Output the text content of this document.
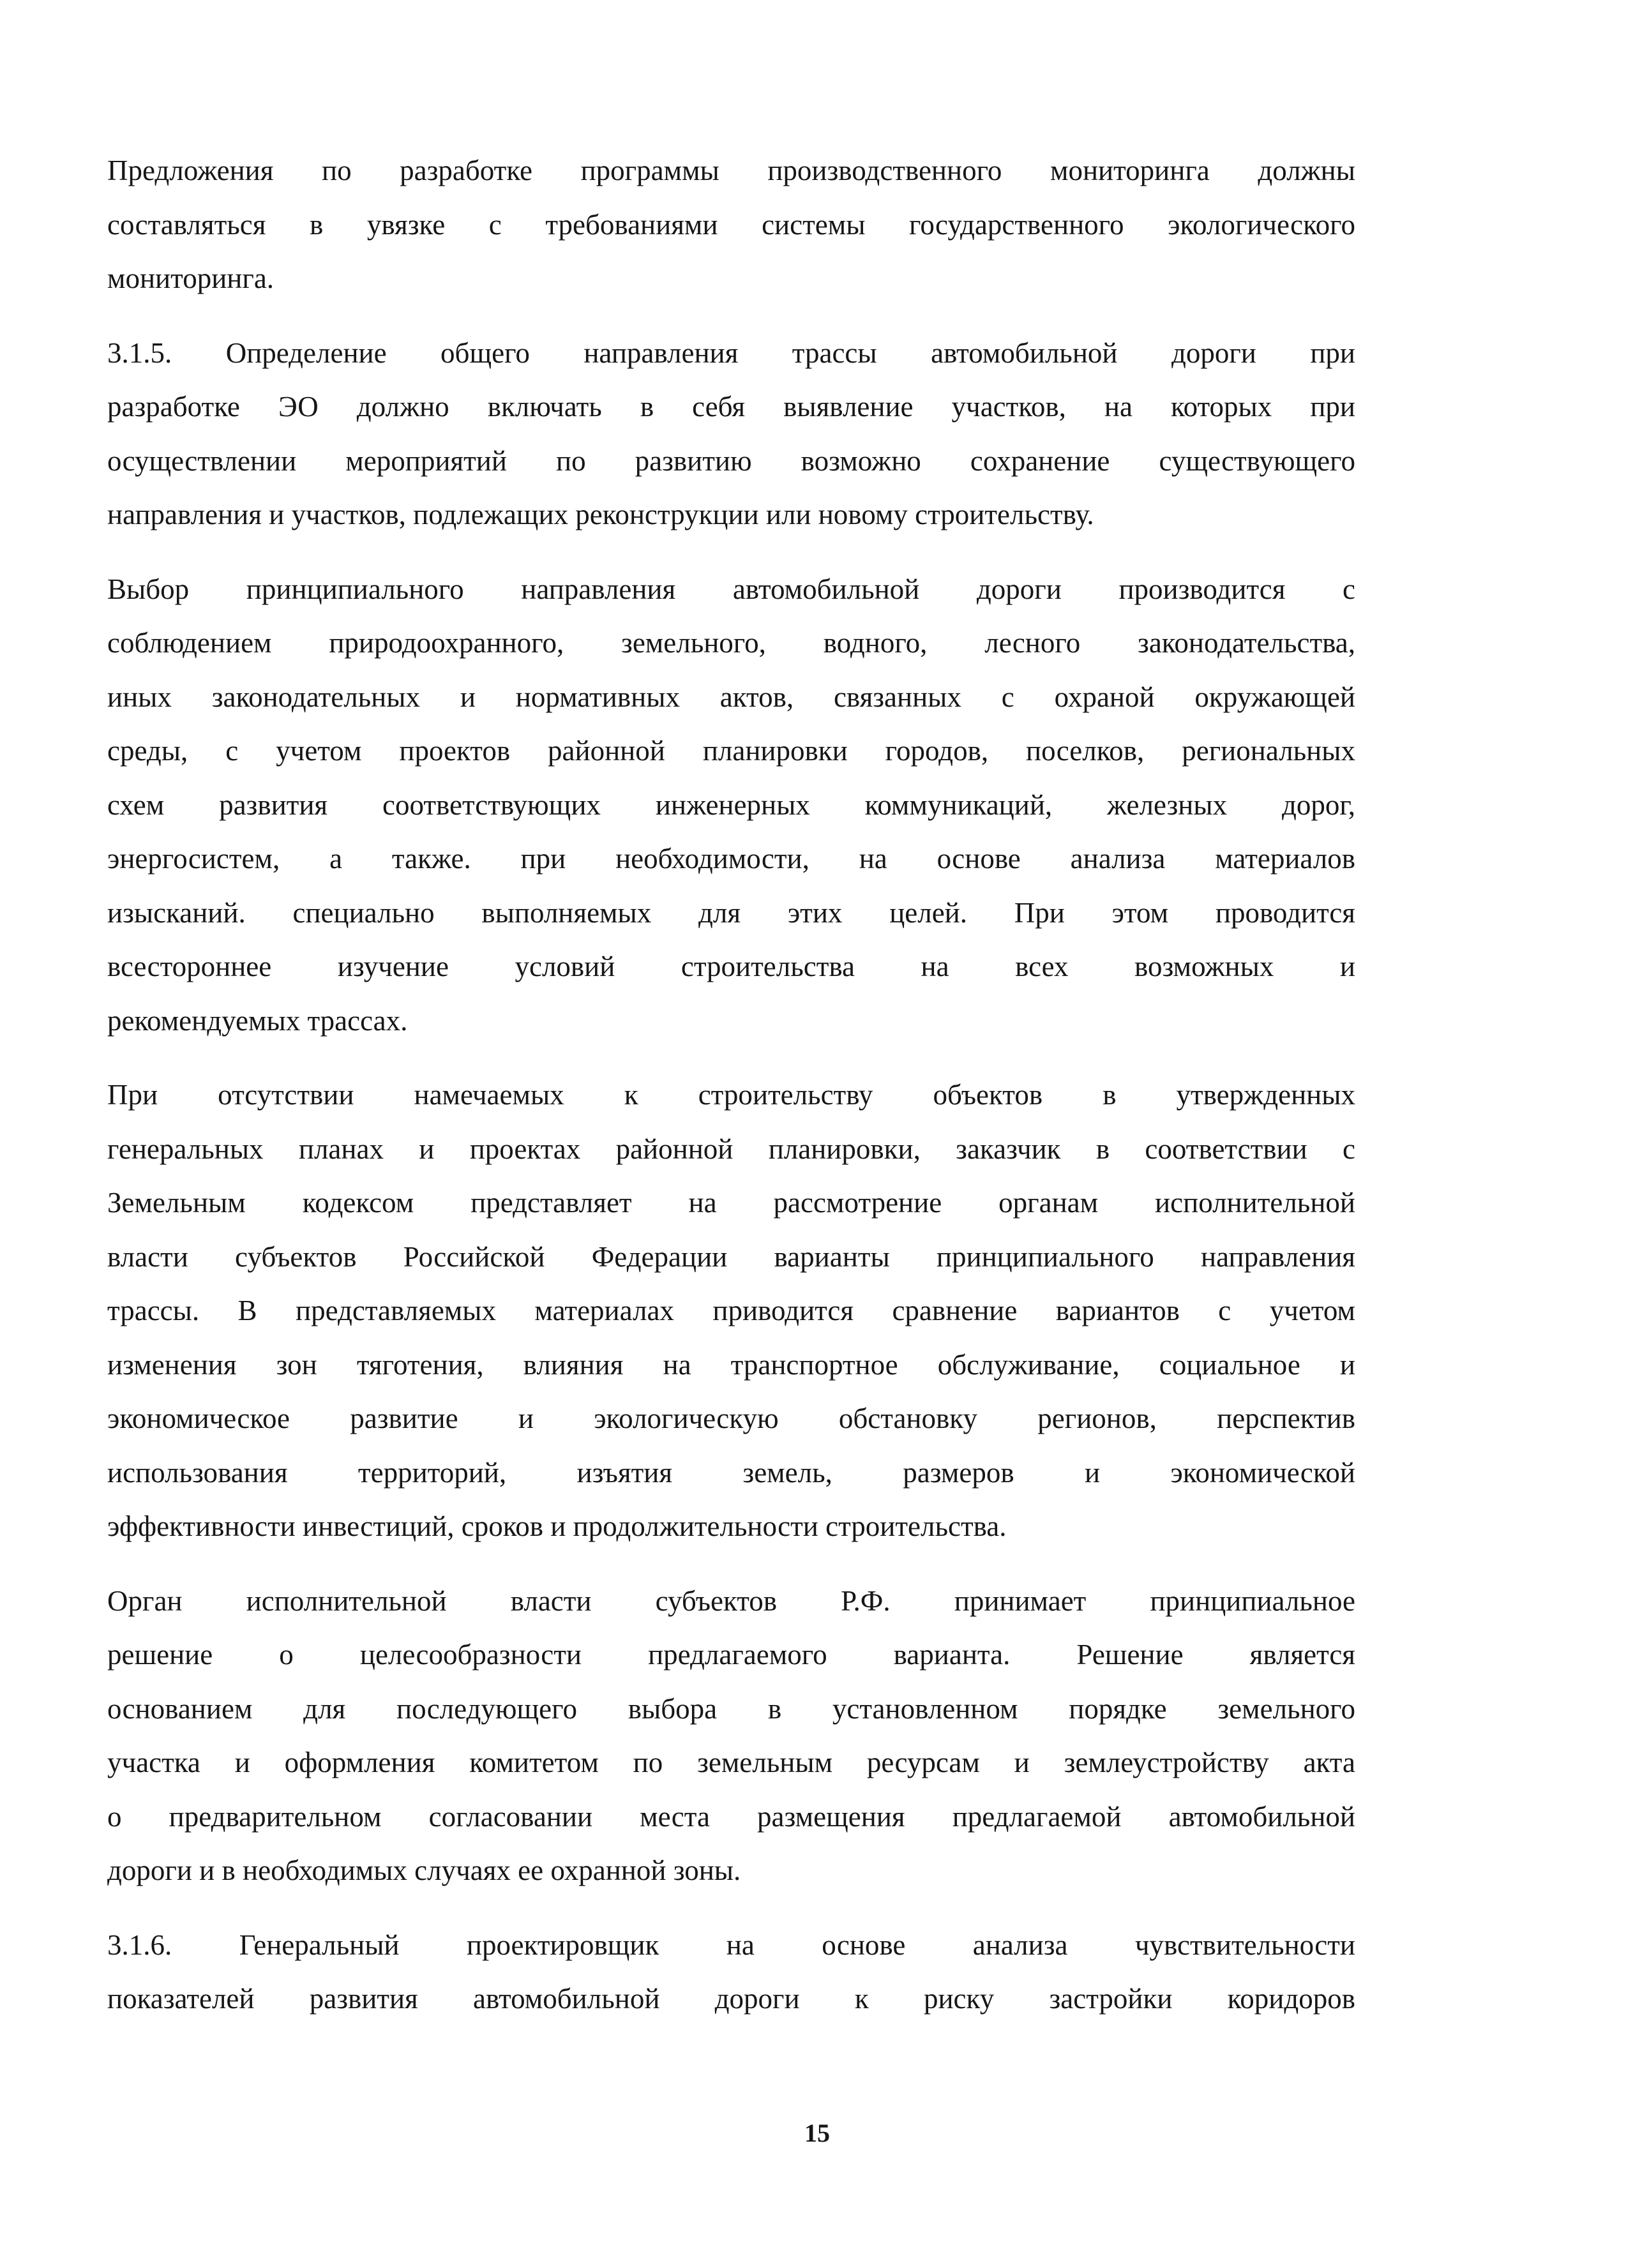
Предложения по разработке программы производственного мониторинга должны
составляться в увязке с требованиями системы государственного экологического
мониторинга.

3.1.5. Определение общего направления трассы автомобильной дороги при
разработке ЭО должно включать в себя выявление участков, на которых при
осуществлении мероприятий по развитию возможно сохранение существующего
направления и участков, подлежащих реконструкции или новому строительству.

Выбор принципиального направления автомобильной дороги производится с
соблюдением природоохранного, земельного, водного, лесного законодательства,
иных законодательных и нормативных актов, связанных с охраной окружающей
среды, с учетом проектов районной планировки городов, поселков, региональных
схем развития соответствующих инженерных коммуникаций, железных дорог,
энергосистем, а также. при необходимости, на основе анализа материалов
изысканий. специально выполняемых для этих целей. При этом проводится
всестороннее изучение условий строительства на всех возможных и
рекомендуемых трассах.

При отсутствии намечаемых к строительству объектов в утвержденных
генеральных планах и проектах районной планировки, заказчик в соответствии с
Земельным кодексом представляет на рассмотрение органам исполнительной
власти субъектов Российской Федерации варианты принципиального направления
трассы. В представляемых материалах приводится сравнение вариантов с учетом
изменения зон тяготения, влияния на транспортное обслуживание, социальное и
экономическое развитие и экологическую обстановку регионов, перспектив
использования территорий, изъятия земель, размеров и экономической
эффективности инвестиций, сроков и продолжительности строительства.

Орган исполнительной власти субъектов Р.Ф. принимает принципиальное
решение о целесообразности предлагаемого варианта. Решение является
основанием для последующего выбора в установленном порядке земельного
участка и оформления комитетом по земельным ресурсам и землеустройству акта
о предварительном согласовании места размещения предлагаемой автомобильной
дороги и в необходимых случаях ее охранной зоны.

3.1.6. Генеральный проектировщик на основе анализа чувствительности
показателей развития автомобильной дороги к риску застройки коридоров

15
